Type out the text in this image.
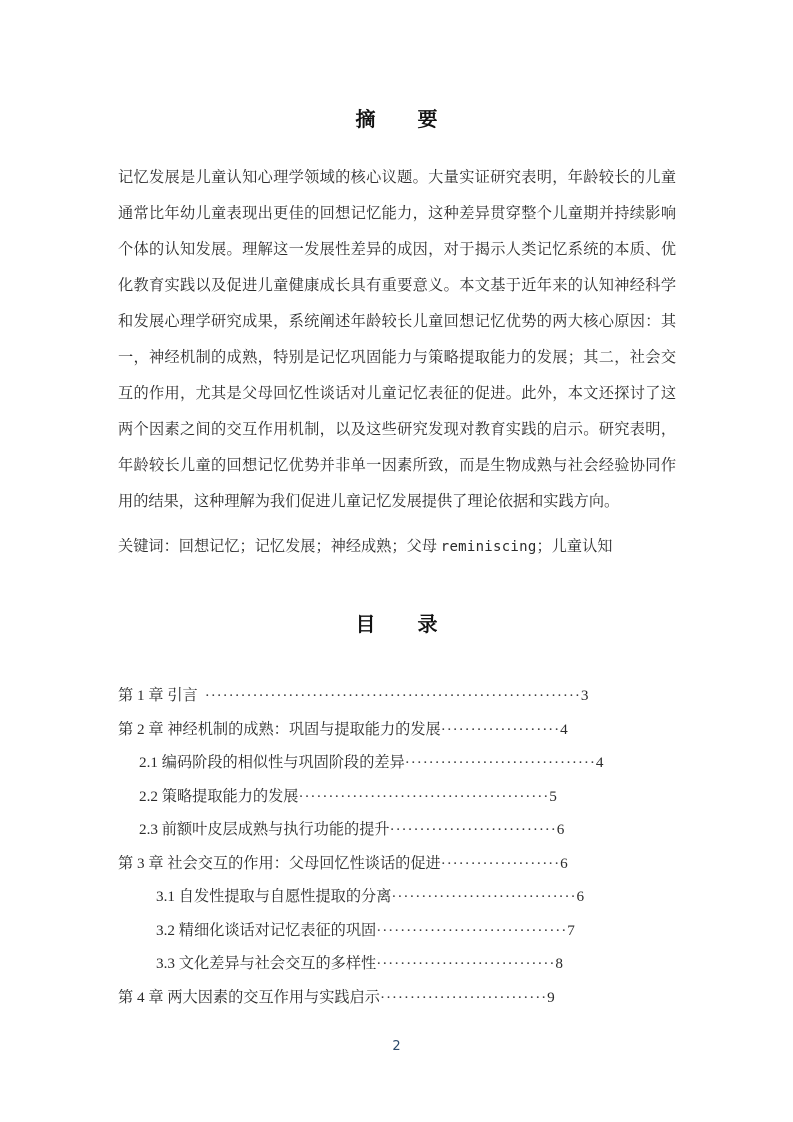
摘　要

记忆发展是儿童认知心理学领域的核心议题。大量实证研究表明，年龄较长的儿童通常比年幼儿童表现出更佳的回想记忆能力，这种差异贯穿整个儿童期并持续影响个体的认知发展。理解这一发展性差异的成因，对于揭示人类记忆系统的本质、优化教育实践以及促进儿童健康成长具有重要意义。本文基于近年来的认知神经科学和发展心理学研究成果，系统阐述年龄较长儿童回想记忆优势的两大核心原因：其一，神经机制的成熟，特别是记忆巩固能力与策略提取能力的发展；其二，社会交互的作用，尤其是父母回忆性谈话对儿童记忆表征的促进。此外，本文还探讨了这两个因素之间的交互作用机制，以及这些研究发现对教育实践的启示。研究表明，年龄较长儿童的回想记忆优势并非单一因素所致，而是生物成熟与社会经验协同作用的结果，这种理解为我们促进儿童记忆发展提供了理论依据和实践方向。

关键词：回想记忆；记忆发展；神经成熟；父母 reminiscing；儿童认知
目　录
第 1 章 引言 ······························································· 3
第 2 章 神经机制的成熟：巩固与提取能力的发展 ···················· 4
2.1 编码阶段的相似性与巩固阶段的差异 ································ 4
2.2 策略提取能力的发展 ·········································· 5
2.3 前额叶皮层成熟与执行功能的提升 ···························· 6
第 3 章 社会交互的作用：父母回忆性谈话的促进 ···················· 6
3.1 自发性提取与自愿性提取的分离 ······························· 6
3.2 精细化谈话对记忆表征的巩固 ································ 7
3.3 文化差异与社会交互的多样性 ······························ 8
第 4 章 两大因素的交互作用与实践启示 ···························· 9
2
